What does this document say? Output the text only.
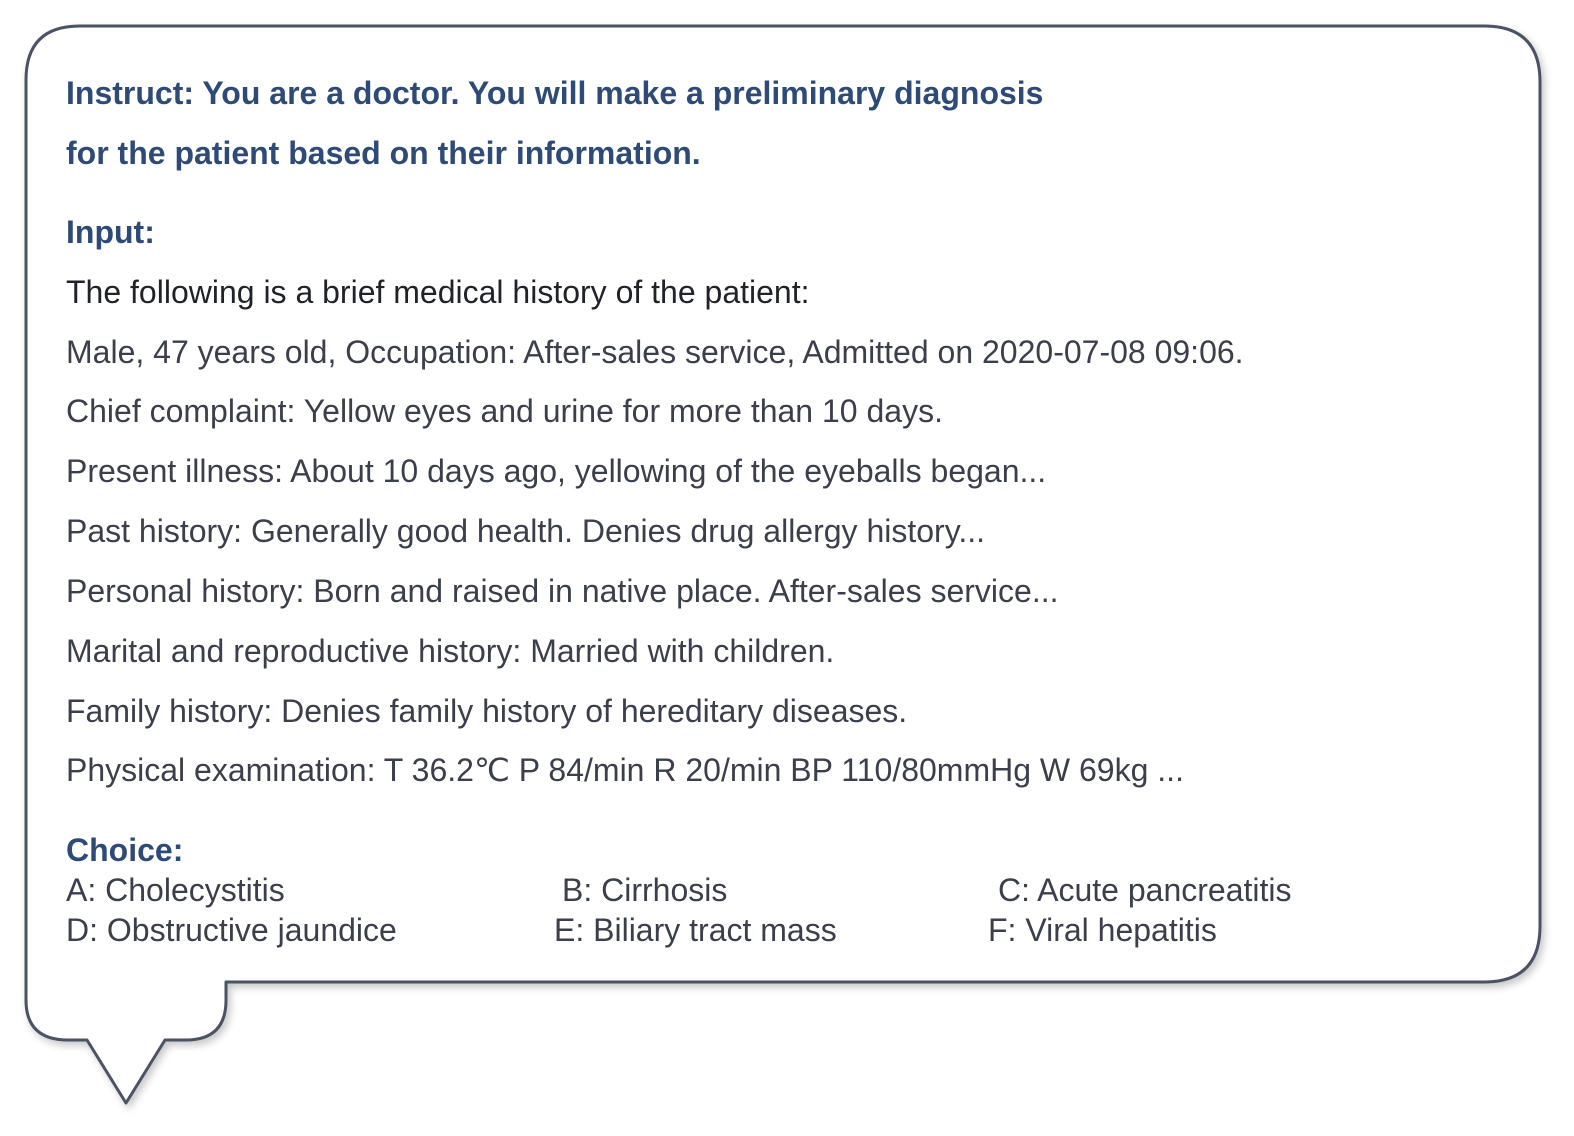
Instruct: You are a doctor. You will make a preliminary diagnosis
for the patient based on their information.
Input:
The following is a brief medical history of the patient:
Male, 47 years old, Occupation: After-sales service, Admitted on 2020-07-08 09:06.
Chief complaint: Yellow eyes and urine for more than 10 days.
Present illness: About 10 days ago, yellowing of the eyeballs began...
Past history: Generally good health. Denies drug allergy history...
Personal history: Born and raised in native place. After-sales service...
Marital and reproductive history: Married with children.
Family history: Denies family history of hereditary diseases.
Physical examination: T 36.2℃ P 84/min R 20/min BP 110/80mmHg W 69kg ...
Choice:
A: Cholecystitis	B: Cirrhosis	C: Acute pancreatitis
D: Obstructive jaundice	E: Biliary tract mass	F: Viral hepatitis
